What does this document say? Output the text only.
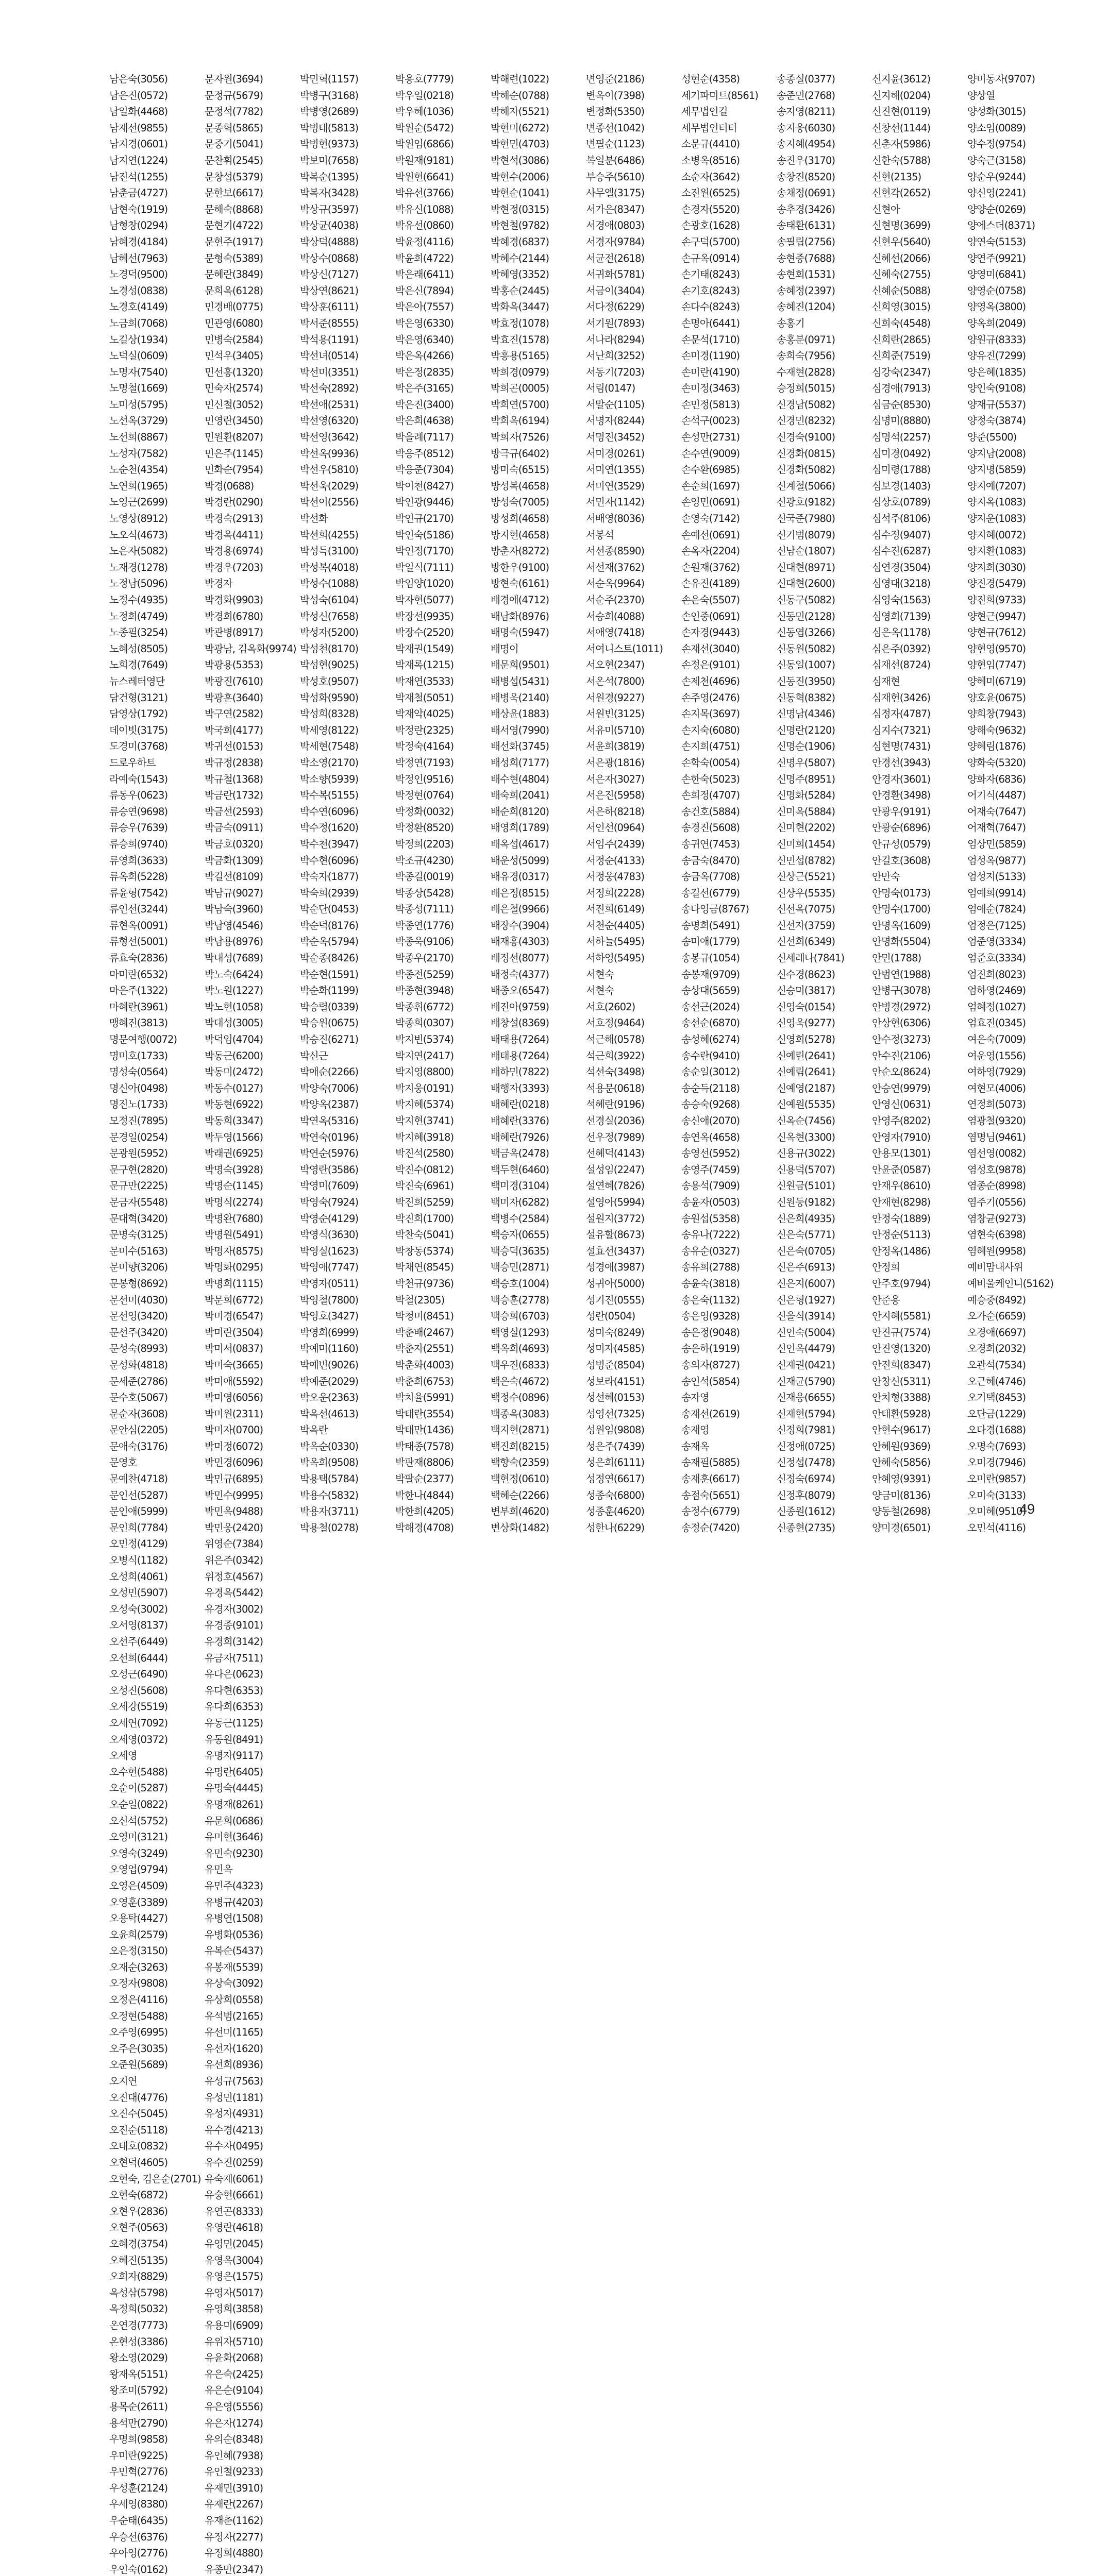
남은숙(3056)
남은진(0572)
남일화(4468)
남재선(9855)
남지경(0601)
남지연(1224)
남진석(1255)
남춘금(4727)
남현숙(1919)
남형창(0294)
남혜경(4184)
남혜선(7963)
노경덕(9500)
노경성(0838)
노경호(4149)
노금희(7068)
노길상(1934)
노덕실(0609)
노명자(7540)
노명철(1669)
노미성(5795)
노선옥(3729)
노선희(8867)
노성자(7582)
노순천(4354)
노연희(1965)
노영근(2699)
노영상(8912)
노오식(4673)
노은자(5082)
노재경(1278)
노정남(5096)
노정수(4935)
노정희(4749)
노종필(3254)
노혜성(8505)
노희경(7649)
뉴스레터영단
담건형(3121)
담영상(1792)
데이빗(3175)
도경미(3768)
드로우하트
라예숙(1543)
류동우(0623)
류승연(9698)
류승우(7639)
류승희(9740)
류영희(3633)
류옥희(5228)
류윤형(7542)
류인선(3244)
류현옥(0091)
류형선(5001)
류효숙(2836)
마미란(6532)
마은주(1322)
마혜란(3961)
맹혜진(3813)
명문여행(0072)
명미호(1733)
명성숙(0564)
명신아(0498)
명진노(1733)
모정진(7895)
문경일(0254)
문광원(5952)
문구현(2820)
문규만(2225)
문금자(5548)
문대혁(3420)
문명숙(3125)
문미수(5163)
문미향(3206)
문봉형(8692)
문선미(4030)
문선영(3420)
문선주(3420)
문성숙(8993)
문성화(4818)
문세준(2786)
문수호(5067)
문순자(3608)
문안심(2205)
문애숙(3176)
문영호
문예찬(4718)
문인선(5287)
문인애(5999)
문인희(7784)
문자원(3694)
문정규(5679)
문정석(7782)
문종혁(5865)
문중기(5041)
문찬휘(2545)
문창섭(5379)
문한보(6617)
문해숙(8868)
문현기(4722)
문현주(1917)
문형숙(5389)
문혜란(3849)
문희옥(6128)
민경배(0775)
민관영(6080)
민병숙(2584)
민석우(3405)
민선홍(1320)
민숙자(2574)
민신철(3052)
민영란(3450)
민원환(8207)
민은주(1145)
민화순(7954)
박경(0688)
박경란(0290)
박경숙(2913)
박경옥(4411)
박경용(6974)
박경우(7203)
박경자
박경화(9903)
박경희(6780)
박관병(8917)
박광남, 김옥화(9974)
박광용(5353)
박광진(7610)
박광훈(3640)
박구연(2582)
박국희(4177)
박귀선(0153)
박규정(2838)
박규철(1368)
박금란(1732)
박금선(2593)
박금숙(0911)
박금호(0320)
박금화(1309)
박길선(8109)
박남규(9027)
박남숙(3960)
박남영(4546)
박남용(8976)
박내성(7689)
박노숙(6424)
박노원(1227)
박노현(1058)
박대성(3005)
박덕임(4704)
박동근(6200)
박동미(2472)
박동수(0127)
박동현(6922)
박동희(3347)
박두영(1566)
박래권(6925)
박명숙(3928)
박명순(1145)
박명식(2274)
박명완(7680)
박명원(5491)
박명자(8575)
박명화(0295)
박명희(1115)
박문희(6772)
박미경(6547)
박미란(3504)
박미서(0837)
박미숙(3665)
박미애(5592)
박미영(6056)
박미원(2311)
박미자(0700)
박미정(6072)
박민경(6096)
박민규(6895)
박민수(9995)
박민옥(9488)
박민웅(2420)
박민혁(1157)
박병구(3168)
박병영(2689)
박병태(5813)
박병현(9373)
박보미(7658)
박복순(1395)
박복자(3428)
박상규(3597)
박상균(4038)
박상덕(4888)
박상수(0868)
박상신(7127)
박상연(8621)
박상훈(6111)
박서준(8555)
박석용(1191)
박선녀(0514)
박선미(3351)
박선숙(2892)
박선애(2531)
박선영(6320)
박선영(3642)
박선옥(9936)
박선우(5810)
박선욱(2029)
박선이(2556)
박선화
박선희(4255)
박성득(3100)
박성복(4018)
박성수(1088)
박성숙(6104)
박성신(7658)
박성자(5200)
박성천(8170)
박성현(9025)
박성호(9507)
박성화(9590)
박성희(8328)
박세영(8122)
박세현(7548)
박소영(2170)
박소향(5939)
박수복(5155)
박수연(6096)
박수정(1620)
박수천(3947)
박수현(6096)
박숙자(1877)
박숙희(2939)
박순단(0453)
박순덕(8176)
박순옥(5794)
박순종(8426)
박순현(1591)
박순화(1199)
박승렬(0339)
박승원(0675)
박승진(6271)
박신근
박애순(2266)
박양숙(7006)
박양옥(2387)
박연옥(5316)
박연숙(0196)
박연순(5976)
박영란(3586)
박영미(7609)
박영숙(7924)
박영순(4129)
박영식(3630)
박영실(1623)
박영애(7747)
박영자(0511)
박영철(7800)
박영호(3427)
박영희(6999)
박예미(1160)
박예빈(9026)
박예준(2029)
박오운(2363)
박옥선(4613)
박옥란
박옥순(0330)
박옥희(9508)
박용택(5784)
박용수(5832)
박용자(3711)
박용철(0278)
박용호(7779)
박우일(0218)
박우혜(1036)
박원순(5472)
박원임(6866)
박원재(9181)
박원현(6641)
박유선(3766)
박유신(1088)
박유선(0860)
박윤정(4116)
박윤희(4722)
박은래(6411)
박은신(7894)
박은아(7557)
박은영(6330)
박은영(6340)
박은옥(4266)
박은정(2835)
박은주(3165)
박은진(3400)
박은희(4638)
박을례(7117)
박응주(8512)
박응준(7304)
박이천(8427)
박인광(9446)
박인규(2170)
박인숙(5186)
박인정(7170)
박일식(7111)
박임양(1020)
박자현(5077)
박장선(9935)
박장수(2520)
박재권(1549)
박재록(1215)
박재연(3533)
박재철(5051)
박재악(4025)
박정란(2325)
박정숙(4164)
박정연(7193)
박정인(9516)
박정현(0764)
박정화(0032)
박정환(8520)
박정희(2203)
박조규(4230)
박종길(0019)
박종상(5428)
박종성(7111)
박종연(1776)
박종욱(9106)
박종우(2170)
박종전(5259)
박종현(3948)
박종휘(6772)
박종희(0307)
박지빈(5374)
박지연(2417)
박지영(8800)
박지웅(0191)
박지혜(5374)
박지현(3741)
박지혜(3918)
박진석(2580)
박진수(0812)
박진숙(6961)
박진희(5259)
박진희(1700)
박찬숙(5041)
박창동(5374)
박채연(8545)
박천규(9736)
박철(2305)
박청미(8451)
박춘배(2467)
박춘자(2551)
박춘화(4003)
박춘희(6753)
박치율(5991)
박태란(3554)
박태만(1436)
박태종(7578)
박판재(8806)
박팔순(2377)
박한나(4844)
박한희(4205)
박해경(4708)
박해련(1022)
박해순(0788)
박해자(5521)
박현미(6272)
박현민(4703)
박현석(3086)
박현수(2006)
박현순(1041)
박현정(0315)
박현철(9782)
박혜경(6837)
박혜수(2144)
박혜영(3352)
박홍순(2445)
박화옥(3447)
박효정(1078)
박효진(1578)
박흥용(5165)
박희경(0979)
박희곤(0005)
박희연(5700)
박희옥(6194)
박희자(7526)
방극규(6402)
방미숙(6515)
방성복(4658)
방성숙(7005)
방성희(4658)
방지현(4658)
방춘자(8272)
방한우(9100)
방현숙(6161)
배경애(4712)
배남화(8976)
배명숙(5947)
배명이
배문희(9501)
배병섭(5431)
배병욱(2140)
배상윤(1883)
배서영(7990)
배선화(3745)
배성희(7177)
배수현(4804)
배숙희(2041)
배순희(8120)
배영희(1789)
배옥섭(4617)
배운성(5099)
배유경(0317)
배은정(8515)
배은철(9966)
배장수(3904)
배재홍(4303)
배정선(8077)
배정숙(4377)
배종오(6547)
배진아(9759)
배창설(8369)
배태용(7264)
배태용(7264)
배하민(7822)
배행자(3393)
배혜란(0218)
배혜란(3376)
배혜란(7926)
백금옥(2478)
백두현(6460)
백미경(3104)
백미자(6282)
백병수(2584)
백승자(0655)
백승덕(3635)
백승민(2871)
백승호(1004)
백승훈(2778)
백승희(6703)
백영실(1293)
백옥희(4693)
백우진(6833)
백은숙(4672)
백정수(0896)
백종옥(3083)
백지현(2871)
백진희(8215)
백향숙(2359)
백현정(0610)
백혜순(2266)
변부희(4620)
변상화(1482)
변영준(2186)
변옥이(7398)
변정화(5350)
변종선(1042)
변필순(1123)
복일분(6486)
부승주(5610)
사무엘(3175)
서가은(8347)
서경애(0803)
서경자(9784)
서균전(2618)
서귀화(5781)
서금이(3404)
서다정(6229)
서기원(7893)
서나라(8294)
서난희(3252)
서동기(7203)
서림(0147)
서말순(1105)
서명자(8244)
서명진(3452)
서미경(0261)
서미연(1355)
서미연(3529)
서민자(1142)
서배영(8036)
서봉석
서선종(8590)
서선재(3762)
서순옥(9964)
서순주(2370)
서승희(4088)
서애영(7418)
서여니스트(1011)
서오현(2347)
서온석(7800)
서원경(9227)
서원빈(3125)
서유미(5710)
서윤희(3819)
서은광(1816)
서은자(3027)
서은진(5958)
서은하(8218)
서인선(0964)
서임주(2439)
서정순(4133)
서정웅(4783)
서정희(2228)
서진희(6149)
서천순(4405)
서하늘(5495)
서하영(5495)
서현숙
서현숙
서호(2602)
서호정(9464)
석근해(0578)
석근희(3922)
석선숙(3498)
석용문(0618)
석혜란(9196)
선경실(2036)
선우정(7989)
선혜덕(4143)
설성임(2247)
설연혜(7826)
설영아(5994)
설원지(3772)
설유할(8673)
설효선(3437)
성경애(3987)
성귀아(5000)
성기진(0555)
성란(0504)
성미숙(8249)
성미자(4585)
성병준(8504)
성보라(4151)
성선혜(0153)
성영선(7325)
성원임(9808)
성은주(7439)
성은희(6111)
성정연(6617)
성종숙(6800)
성종훈(4620)
성한나(6229)
성현순(4358)
세기파미트(8561)
세무법인길
세무법인터터
소문규(4410)
소병옥(8516)
소순자(3642)
소진원(6525)
손경자(5520)
손광호(1628)
손구덕(5700)
손규옥(0914)
손기태(8243)
손기호(8243)
손다수(8243)
손명아(6441)
손문석(1710)
손미경(1190)
손미란(4190)
손미정(3463)
손민정(5813)
손석구(0023)
손성만(2731)
손수연(9009)
손수환(6985)
손순희(1697)
손영민(0691)
손영숙(7142)
손예선(0691)
손옥자(2204)
손원재(3762)
손유진(4189)
손은숙(5507)
손인중(0691)
손자경(9443)
손재선(3040)
손정은(9101)
손제천(4696)
손주영(2476)
손지목(3697)
손지숙(6080)
손지희(4751)
손학숙(0054)
손한숙(5023)
손희정(4707)
송건호(5884)
송경진(5608)
송귀연(7453)
송금숙(8470)
송금옥(7708)
송길선(6779)
송다영금(8767)
송명희(5491)
송미애(1779)
송봉규(1054)
송봉재(9709)
송상대(5659)
송선근(2024)
송선순(6870)
송성혜(6274)
송수란(9410)
송순일(3012)
송순득(2118)
송승숙(9268)
송신애(2070)
송연옥(4658)
송영선(5952)
송영주(7459)
송용석(7909)
송윤자(0503)
송원섭(5358)
송유나(7222)
송유순(0327)
송유희(2788)
송윤숙(3818)
송은숙(1132)
송은영(9328)
송은정(9048)
송은하(1919)
송의자(8727)
송인석(5854)
송자영
송재선(2619)
송재영
송재옥
송재필(5885)
송재훈(6617)
송점숙(5651)
송정수(6779)
송정순(7420)
송종실(0377)
송준민(2768)
송지영(8211)
송지웅(6030)
송지혜(4954)
송진우(3170)
송창진(8520)
송채정(0691)
송추경(3426)
송태환(6131)
송필립(2756)
송현중(7688)
송현회(1531)
송혜정(2397)
송혜진(1204)
송홍기
송홍분(0971)
송희숙(7956)
수재현(2828)
승정희(5015)
신경남(5082)
신경민(8232)
신경숙(9100)
신경화(0815)
신경화(5082)
신계철(5066)
신광호(9182)
신국준(7980)
신기범(8079)
신남순(1807)
신대현(8971)
신대현(2600)
신동구(5082)
신동민(2128)
신동엽(3266)
신동원(5082)
신동일(1007)
신동진(3950)
신동혁(8382)
신명남(4346)
신명란(2120)
신명순(1906)
신명우(5807)
신명주(8951)
신명화(5284)
신미옥(5884)
신미현(2202)
신미희(1454)
신민섭(8782)
신상근(5521)
신상우(5535)
신선옥(7075)
신선자(3759)
신선희(6349)
신세레나(7841)
신수경(8623)
신승미(3817)
신영숙(0154)
신영욱(9277)
신영희(5278)
신예린(2641)
신예림(2641)
신예영(2187)
신예원(5535)
신옥순(7456)
신옥현(3300)
신용규(3022)
신용덕(5707)
신원금(5101)
신원둥(9182)
신은희(4935)
신은숙(5771)
신은숙(0705)
신은주(6913)
신은지(6007)
신은형(1927)
신을식(3914)
신인숙(5004)
신인옥(4479)
신재권(0421)
신재균(5790)
신재웅(6655)
신재현(5794)
신정희(7981)
신정애(0725)
신정섭(7478)
신정숙(6974)
신정후(8079)
신종원(1612)
신종현(2735)
신지윤(3612)
신지해(0204)
신진현(0119)
신창선(1144)
신춘자(5986)
신한숙(5788)
신현(2135)
신현각(2652)
신현아
신현명(3699)
신현우(5640)
신혜선(2066)
신혜숙(2755)
신혜순(5088)
신희영(3015)
신희숙(4548)
신희란(2865)
신희준(7519)
심강숙(2347)
심경애(7913)
심금순(8530)
심명미(8880)
심명석(2257)
심미경(0492)
심미령(1788)
심보경(1403)
심상호(0789)
심석주(8106)
심수정(9407)
심수진(6287)
심연경(3504)
심영대(3218)
심영숙(1563)
심영희(7139)
심은옥(1178)
심은주(0392)
심재선(8724)
심재현
심재헌(3426)
심정자(4787)
심지수(7321)
심현명(7431)
안경선(3943)
안경자(3601)
안경환(3498)
안광우(9191)
안광순(6896)
안규성(0579)
안길호(3608)
안만숙
안명숙(0173)
안명수(1700)
안명옥(1609)
안명화(5504)
안민(1788)
안범연(1988)
안병구(3078)
안병경(2972)
안상현(6306)
안수정(3273)
안수진(2106)
안순오(8624)
안승연(9979)
안영신(0631)
안영주(8202)
안영자(7910)
안용모(1301)
안윤준(0587)
안재우(8610)
안재현(8298)
안정숙(1889)
안정순(5113)
안정옥(1486)
안정희
안주호(9794)
안준용
안지혜(5581)
안진규(7574)
안진영(1320)
안진희(8347)
안창신(5311)
안치형(3388)
안태환(5928)
안현수(9617)
안혜원(9369)
안혜숙(5856)
안혜영(9391)
양금미(8136)
양동철(2698)
양미경(6501)
양미동자(9707)
양상열
양성화(3015)
양소임(0089)
양수정(9754)
양숙근(3158)
양순우(9244)
양신영(2241)
양양순(0269)
양에스더(8371)
양연숙(5153)
양연주(9921)
양영미(6841)
양영순(0758)
양영옥(3800)
양옥희(2049)
양원규(8333)
양유진(7299)
양은혜(1835)
양인숙(9108)
양재규(5537)
양정숙(3874)
양준(5500)
양지남(2008)
양지명(5859)
양지예(7207)
양지옥(1083)
양지운(1083)
양지혜(0072)
양지환(1083)
양지희(3030)
양진경(5479)
양진희(9733)
양현근(9947)
양현규(7612)
양현영(9570)
양현임(7747)
양혜미(6719)
양호윤(0675)
양희창(7943)
양해숙(9632)
양혜림(1876)
양화숙(5320)
양화자(6836)
어기식(4487)
어재숙(7647)
어재혁(7647)
엄상민(5859)
엄성옥(9877)
엄성지(5133)
엄예희(9914)
엄애순(7824)
엄정은(7125)
엄준영(3334)
엄준호(3334)
엄진희(8023)
엄하영(2469)
엄혜정(1027)
엄효진(0345)
여은숙(7009)
여운영(1556)
여하영(7929)
여현모(4006)
연정희(5073)
염광철(9320)
염명님(9461)
염선영(0082)
염성호(9878)
염종순(8998)
염주기(0556)
염창균(9273)
염현숙(6398)
염혜원(9958)
예비맘내사위
예비울케인니(5162)
예승중(8492)
오가순(6659)
오경애(6697)
오경희(2032)
오관석(7534)
오근혜(4746)
오기택(8453)
오단금(1229)
오다경(1688)
오명숙(7693)
오미경(7946)
오미란(9857)
오미숙(3133)
오미혜(9510)
오민석(4116)
오민정(4129)
오병식(1182)
오성희(4061)
오성민(5907)
오성숙(3002)
오서영(8137)
오선주(6449)
오선희(6444)
오성근(6490)
오성진(5608)
오세강(5519)
오세연(7092)
오세영(0372)
오세영
오수현(5488)
오순이(5287)
오순일(0822)
오신석(5752)
오영미(3121)
오영숙(3249)
오영업(9794)
오영은(4509)
오영훈(3389)
오용탁(4427)
오윤희(2579)
오은정(3150)
오재순(3263)
오정자(9808)
오정은(4116)
오정현(5488)
오주영(6995)
오주은(3035)
오준원(5689)
오지연
오진대(4776)
오진수(5045)
오진순(5118)
오태호(0832)
오현덕(4605)
오현숙, 김은순(2701)
오현숙(6872)
오현우(2836)
오현주(0563)
오혜경(3754)
오혜진(5135)
오희자(8829)
옥성삼(5798)
옥정희(5032)
온연경(7773)
온현성(3386)
왕소영(2029)
왕재옥(5151)
왕조미(5792)
용목순(2611)
용석만(2790)
우명희(9858)
우미란(9225)
우민혁(2776)
우성훈(2124)
우세영(8380)
우순태(6435)
우승선(6376)
우아영(2776)
우인숙(0162)
위영순(7384)
위은주(0342)
위정호(4567)
유경옥(5442)
유경자(3002)
유경종(9101)
유경희(3142)
유금자(7511)
유다은(0623)
유다현(6353)
유다희(6353)
유동근(1125)
유동원(8491)
유명자(9117)
유명란(6405)
유명숙(4445)
유명재(8261)
유문희(0686)
유미현(3646)
유민숙(9230)
유민옥
유민주(4323)
유병규(4203)
유병연(1508)
유병화(0536)
유복순(5437)
유봉재(5539)
유상숙(3092)
유상희(0558)
유석범(2165)
유선미(1165)
유선자(1620)
유선희(8936)
유성규(7563)
유성민(1181)
유성자(4931)
유수경(4213)
유수자(0495)
유수진(0259)
유숙재(6061)
유숭현(6661)
유연곤(8333)
유영란(4618)
유영민(2045)
유영옥(3004)
유영은(1575)
유영자(5017)
유영희(3858)
유용미(6909)
유위자(5710)
유윤화(2068)
유은숙(2425)
유은순(9104)
유은영(5556)
유은자(1274)
유의순(8348)
유인혜(7938)
유인철(9233)
유재민(3910)
유재란(2267)
유재춘(1162)
유정자(2277)
유정희(4880)
유종만(2347)
49
